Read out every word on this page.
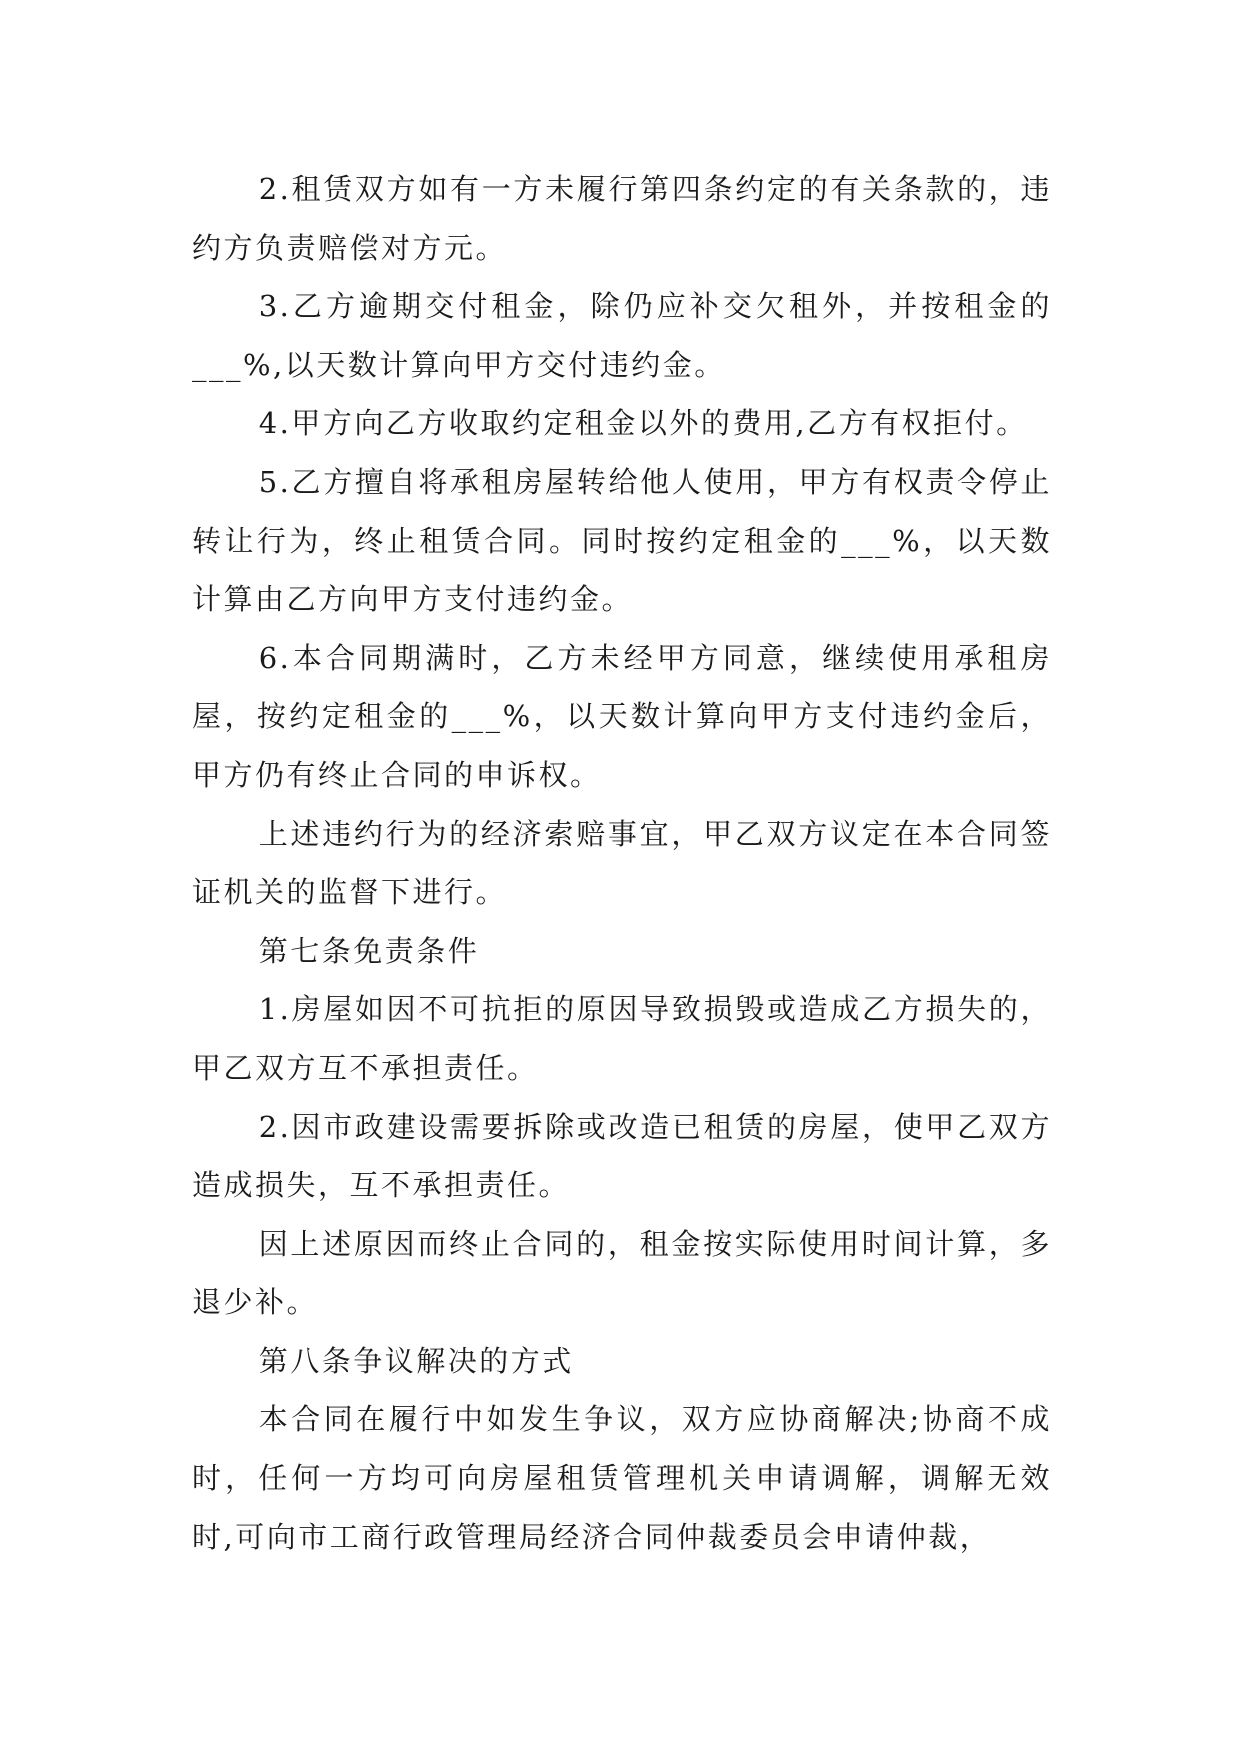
2.租赁双方如有一方未履行第四条约定的有关条款的，违约方负责赔偿对方元。

3.乙方逾期交付租金，除仍应补交欠租外，并按租金的___%,以天数计算向甲方交付违约金。

4.甲方向乙方收取约定租金以外的费用,乙方有权拒付。

5.乙方擅自将承租房屋转给他人使用，甲方有权责令停止转让行为，终止租赁合同。同时按约定租金的___%，以天数计算由乙方向甲方支付违约金。

6.本合同期满时，乙方未经甲方同意，继续使用承租房屋，按约定租金的___%，以天数计算向甲方支付违约金后，甲方仍有终止合同的申诉权。

上述违约行为的经济索赔事宜，甲乙双方议定在本合同签证机关的监督下进行。

第七条免责条件

1.房屋如因不可抗拒的原因导致损毁或造成乙方损失的，甲乙双方互不承担责任。

2.因市政建设需要拆除或改造已租赁的房屋，使甲乙双方造成损失，互不承担责任。

因上述原因而终止合同的，租金按实际使用时间计算，多退少补。

第八条争议解决的方式

本合同在履行中如发生争议，双方应协商解决;协商不成时，任何一方均可向房屋租赁管理机关申请调解，调解无效时,可向市工商行政管理局经济合同仲裁委员会申请仲裁，
